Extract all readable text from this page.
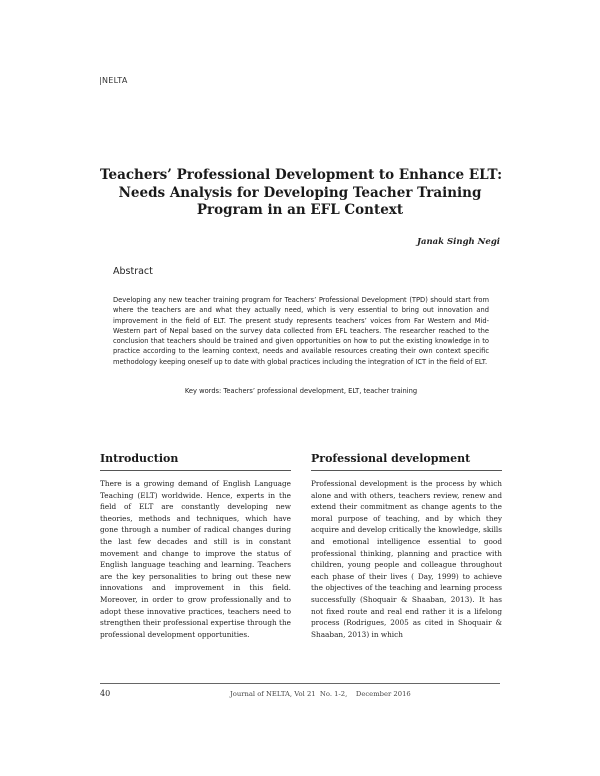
|NELTA
Teachers’ Professional Development to Enhance ELT:
Needs Analysis for Developing Teacher Training
Program in an EFL Context
Janak Singh Negi
Abstract
Developing any new teacher training program for Teachers’ Professional Development (TPD) should start from where the teachers are and what they actually need, which is very essential to bring out innovation and improvement in the field of ELT. The present study represents teachers’ voices from Far Western and Mid-Western part of Nepal based on the survey data collected from EFL teachers. The researcher reached to the conclusion that teachers should be trained and given opportunities on how to put the existing knowledge in to practice according to the learning context, needs and available resources creating their own context specific methodology keeping oneself up to date with global practices including the integration of ICT in the field of ELT.
Key words: Teachers’ professional development, ELT, teacher training
Introduction
There is a growing demand of English Language Teaching (ELT) worldwide. Hence, experts in the field of ELT are constantly developing new theories, methods and techniques, which have gone through a number of radical changes during the last few decades and still is in constant movement and change to improve the status of English language teaching and learning. Teachers are the key personalities to bring out these new innovations and improvement in this field. Moreover, in order to grow professionally and to adopt these innovative practices, teachers need to strengthen their professional expertise through the professional development opportunities.
Professional development
Professional development is the process by which alone and with others, teachers review, renew and extend their commitment as change agents to the moral purpose of teaching, and by which they acquire and develop critically the knowledge, skills and emotional intelligence essential to good professional thinking, planning and practice with children, young people and colleague throughout each phase of their lives ( Day, 1999) to achieve the objectives of the teaching and learning process successfully (Shoquair & Shaaban, 2013). It has not fixed route and real end rather it is a lifelong process (Rodrigues, 2005 as cited in Shoquair & Shaaban, 2013) in which
40	Journal of NELTA, Vol 21  No. 1-2,    December 2016
